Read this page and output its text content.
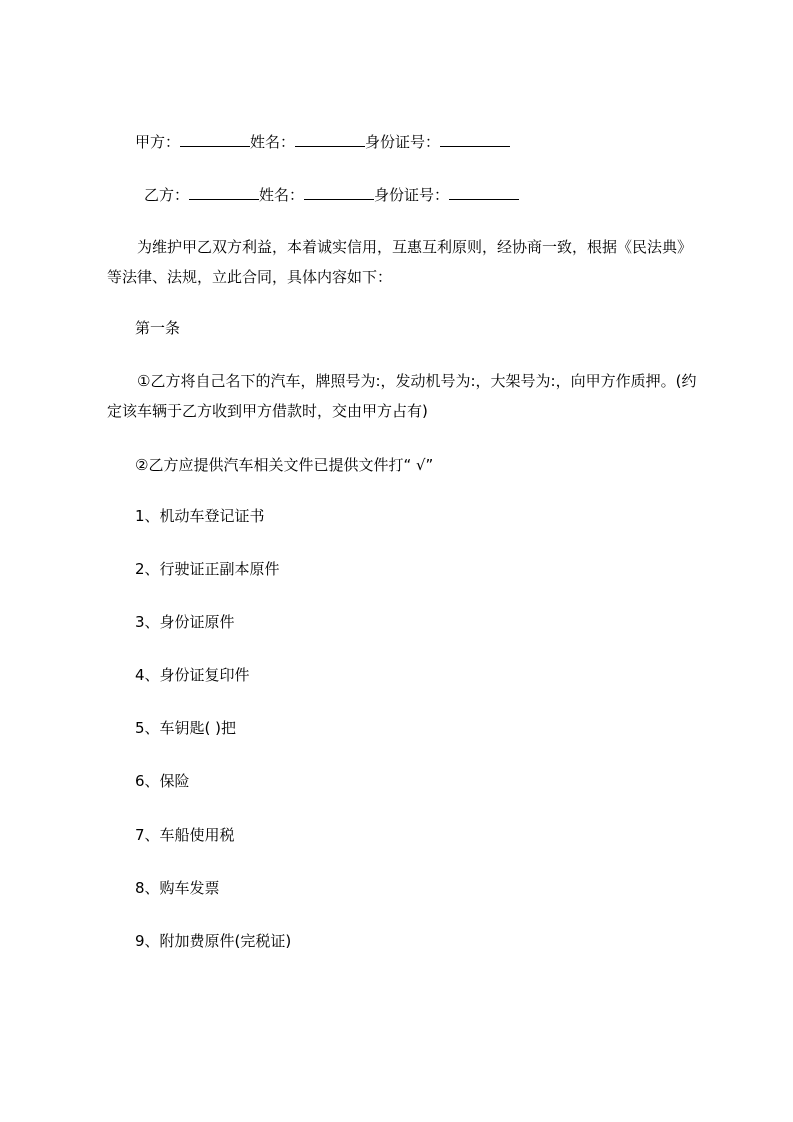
甲方：	姓名：	身份证号：
乙方：	姓名：	身份证号：
为维护甲乙双方利益，本着诚实信用，互惠互利原则，经协商一致，根据《民法典》等法律、法规，立此合同，具体内容如下：
第一条
①乙方将自己名下的汽车，牌照号为:，发动机号为:，大架号为:，向甲方作质押。(约定该车辆于乙方收到甲方借款时，交由甲方占有)
②乙方应提供汽车相关文件已提供文件打“ √”
1、机动车登记证书
2、行驶证正副本原件
3、身份证原件
4、身份证复印件
5、车钥匙( )把
6、保险
7、车船使用税
8、购车发票
9、附加费原件(完税证)
